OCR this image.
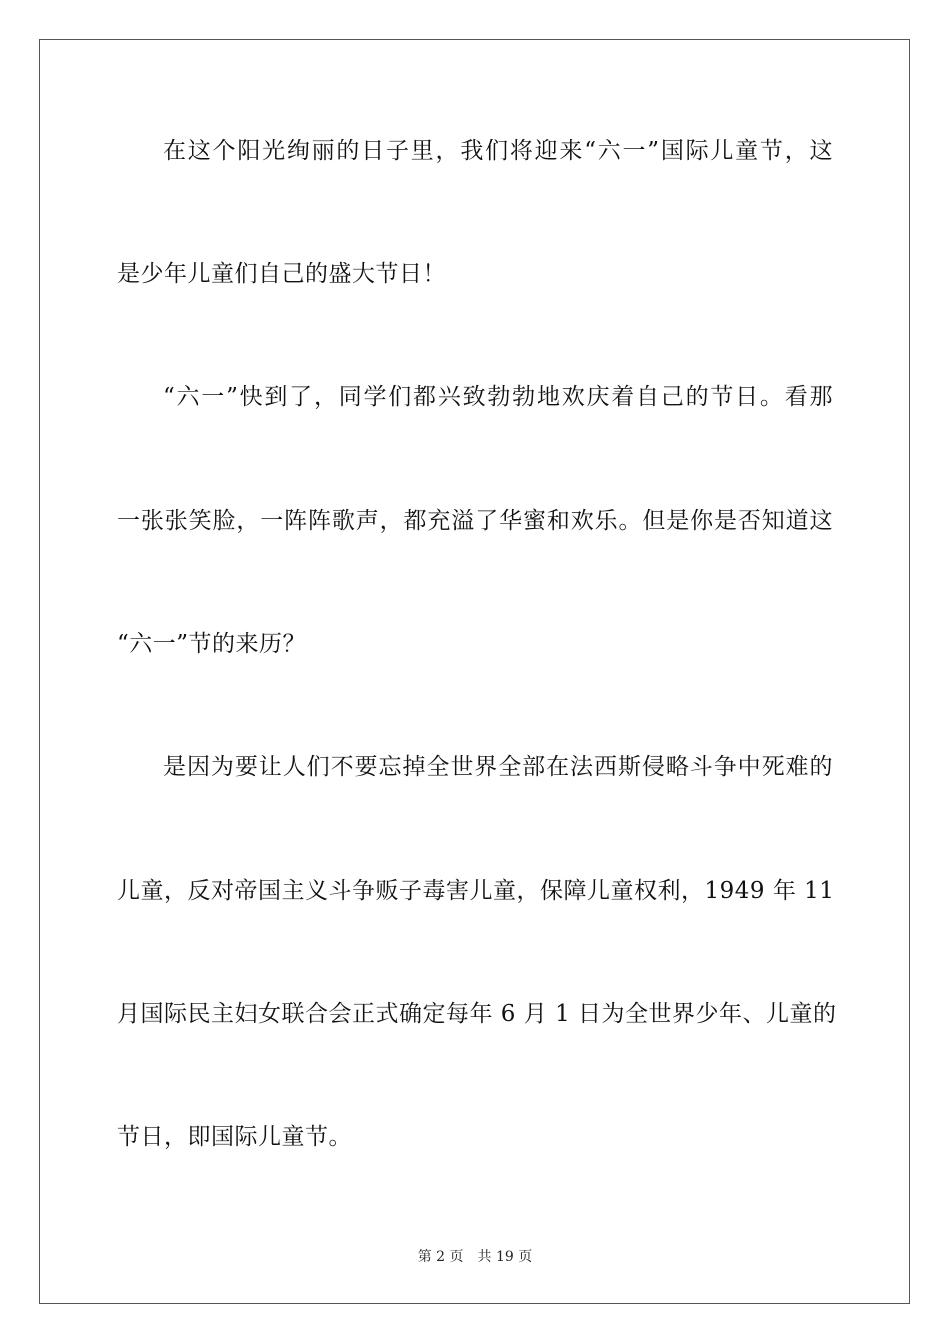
在这个阳光绚丽的日子里，我们将迎来“六一”国际儿童节，这
是少年儿童们自己的盛大节日！
“六一”快到了，同学们都兴致勃勃地欢庆着自己的节日。看那
一张张笑脸，一阵阵歌声，都充溢了华蜜和欢乐。但是你是否知道这
“六一”节的来历？
是因为要让人们不要忘掉全世界全部在法西斯侵略斗争中死难的
儿童，反对帝国主义斗争贩子毒害儿童，保障儿童权利，1949 年 11
月国际民主妇女联合会正式确定每年 6 月 1 日为全世界少年、儿童的
节日，即国际儿童节。
第 2 页 共 19 页
